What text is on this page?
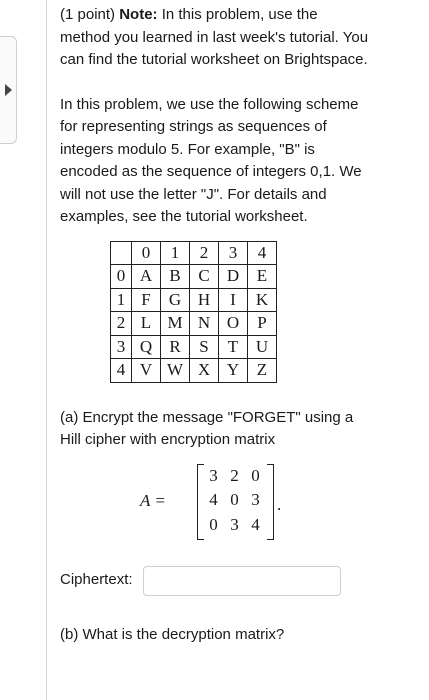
(1 point) Note: In this problem, use the method you learned in last week's tutorial. You can find the tutorial worksheet on Brightspace.
In this problem, we use the following scheme for representing strings as sequences of integers modulo 5. For example, "B" is encoded as the sequence of integers 0,1. We will not use the letter "J". For details and examples, see the tutorial worksheet.
	0	1	2	3	4
0	A	B	C	D	E
1	F	G	H	I	K
2	L	M	N	O	P
3	Q	R	S	T	U
4	V	W	X	Y	Z
(a) Encrypt the message "FORGET" using a Hill cipher with encryption matrix
A =
3 2 0
4 0 3
0 3 4
.
Ciphertext:
(b) What is the decryption matrix?
